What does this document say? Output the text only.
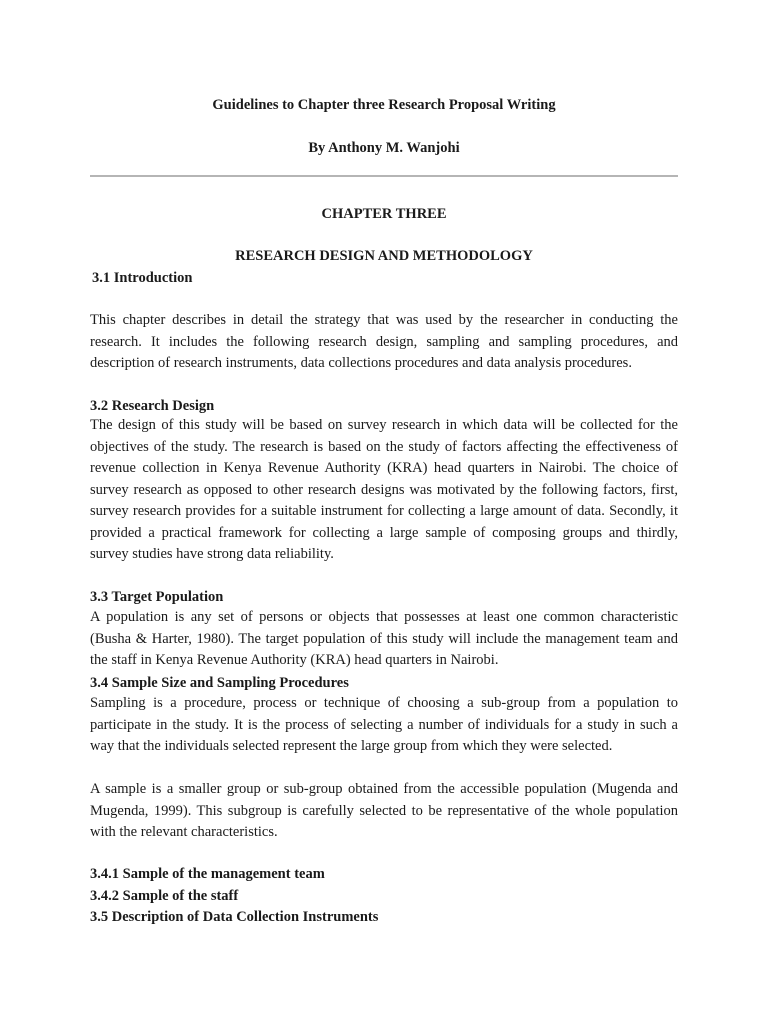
Guidelines to Chapter three Research Proposal Writing
By Anthony M. Wanjohi
CHAPTER THREE
RESEARCH DESIGN AND METHODOLOGY
3.1 Introduction
This chapter describes in detail the strategy that was used by the researcher in conducting the research. It includes the following research design, sampling and sampling procedures, and description of research instruments, data collections procedures and data analysis procedures.
3.2 Research Design
The design of this study will be based on survey research in which data will be collected for the objectives of the study. The research is based on the study of factors affecting the effectiveness of revenue collection in Kenya Revenue Authority (KRA) head quarters in Nairobi. The choice of survey research as opposed to other research designs was motivated by the following factors, first, survey research provides for a suitable instrument for collecting a large amount of data. Secondly, it provided a practical framework for collecting a large sample of composing groups and thirdly, survey studies have strong data reliability.
3.3 Target Population
A population is any set of persons or objects that possesses at least one common characteristic (Busha & Harter, 1980). The target population of this study will include the management team and the staff in Kenya Revenue Authority (KRA) head quarters in Nairobi.
3.4 Sample Size and Sampling Procedures
Sampling is a procedure, process or technique of choosing a sub-group from a population to participate in the study. It is the process of selecting a number of individuals for a study in such a way that the individuals selected represent the large group from which they were selected.
A sample is a smaller group or sub-group obtained from the accessible population (Mugenda and Mugenda, 1999). This subgroup is carefully selected to be representative of the whole population with the relevant characteristics.
3.4.1 Sample of the management team
3.4.2 Sample of the staff
3.5 Description of Data Collection Instruments
